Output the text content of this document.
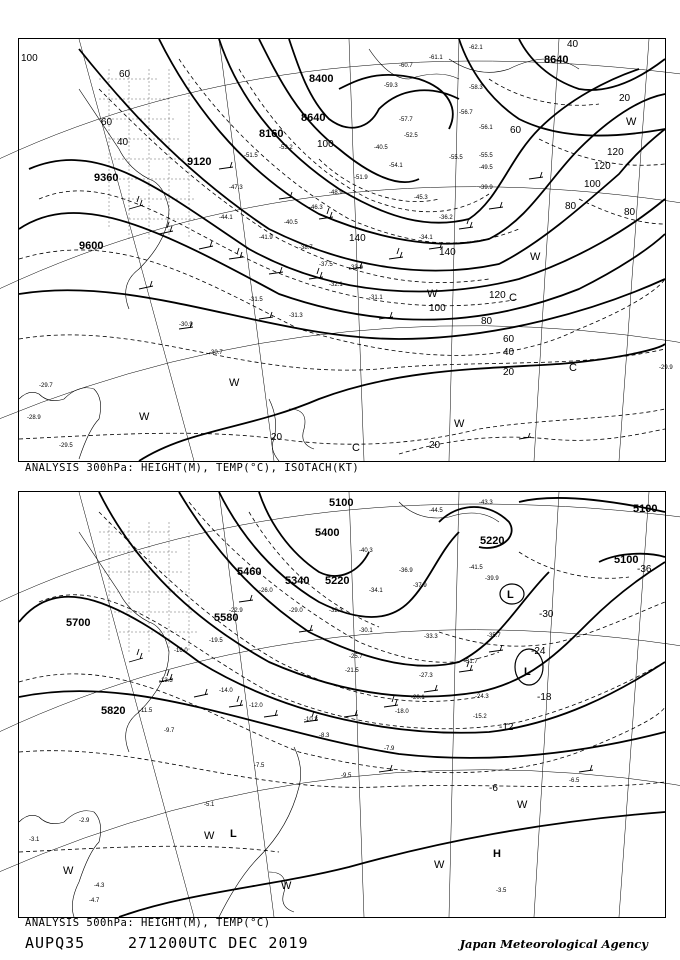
9600
9360
9120
8640
8640
8400
8160
100
60
60
40
140
100
120
100
80
60
40
20
20
20
120
80
40
20
140
120
100
80
60
-29.9
-29.7
-31.1
-31.5
-30.7
-33.2
-34.1
-36.2
-39.9
-45.3
-49.5
-52.5
-55.5
-56.1
-56.7
-58.3
-59.3
-61.1
-62.1
-60.7
-55.5
-54.1
-51.9
-48.9
-46.3
-40.5
-29.5
-28.9
-30.9
-31.3
-32.1
-38.7
-41.9
-44.1
-47.3
-51.5
-53.2
-57.7
-40.5
-37.5
W
W
W
W
W
W
C
C
C
ANALYSIS 300hPa: HEIGHT(M), TEMP(°C), ISOTACH(KT)
5100	5100
5100
5220
5220
5340
5400
5580
5460
5700
5820
-36
-30
-24
-18
-12
-6
-3.5
-4.7
-5.1
-7.9
-9.5
-10.3
-12.0
-14.0
-15.2
-18.0
-20.1
-21.5
-24.3
-25.7
-27.3
-30.1
-31.7
-33.3	-35.7
-37.9
-39.9
-41.5
-43.3
-44.5
-3.1
-2.9
-4.3
-6.5
-7.5
-8.3
-9.7
-11.5
-13.3
-16.0
-19.5
-22.9
-26.0
-29.0	-32.3
-34.1
-36.9
-40.3
W
W
W
W
W
L
L
L
H
ANALYSIS 500hPa: HEIGHT(M), TEMP(°C)
AUPQ35	271200UTC DEC 2019	Japan Meteorological Agency
